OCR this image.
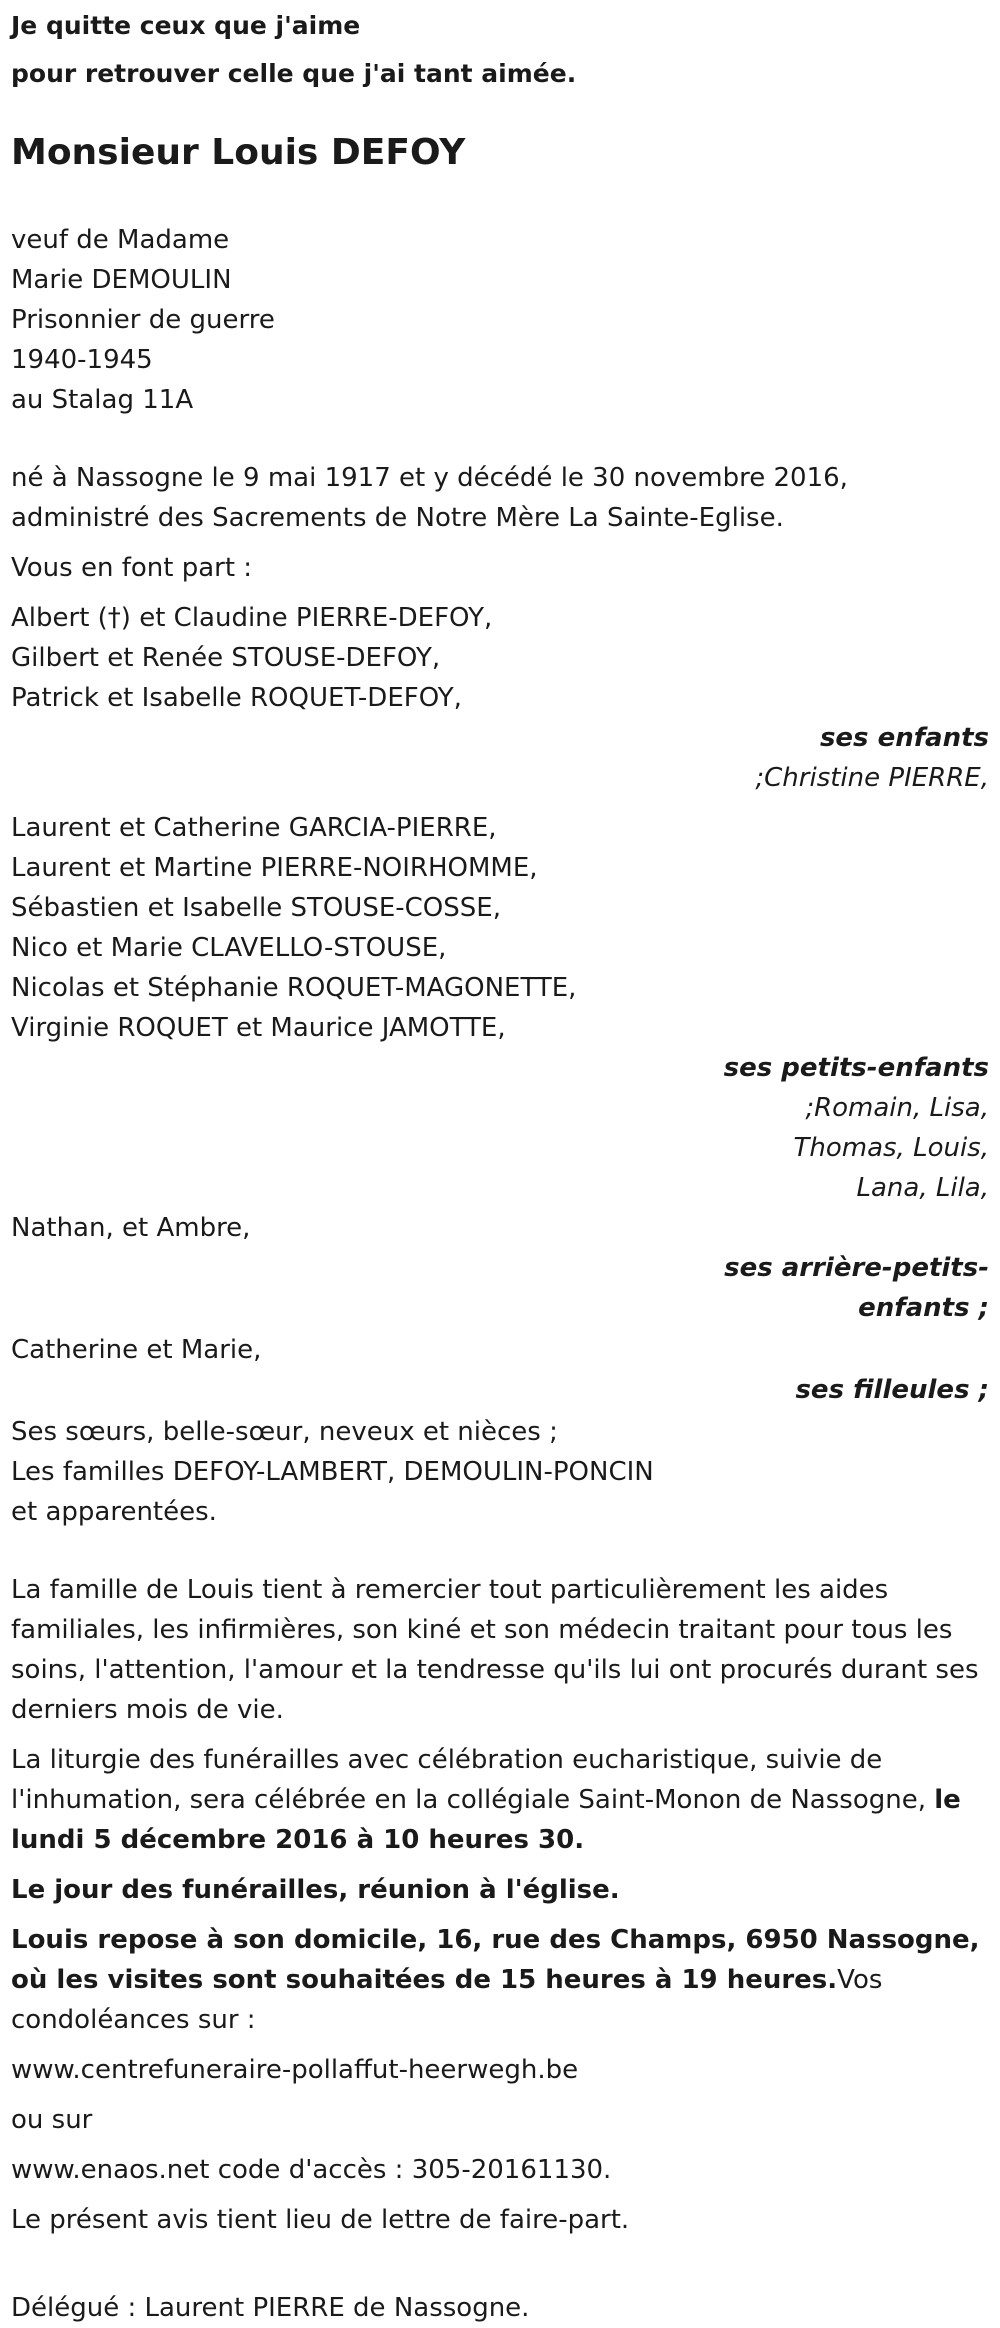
Je quitte ceux que j'aime
pour retrouver celle que j'ai tant aimée.
Monsieur Louis DEFOY
veuf de Madame
Marie DEMOULIN
Prisonnier de guerre
1940-1945
au Stalag 11A
né à Nassogne le 9 mai 1917 et y décédé le 30 novembre 2016, administré des Sacrements de Notre Mère La Sainte-Eglise.
Vous en font part :
Albert (†) et Claudine PIERRE-DEFOY,
Gilbert et Renée STOUSE-DEFOY,
Patrick et Isabelle ROQUET-DEFOY,
ses enfants
;Christine PIERRE,
Laurent et Catherine GARCIA-PIERRE,
Laurent et Martine PIERRE-NOIRHOMME,
Sébastien et Isabelle STOUSE-COSSE,
Nico et Marie CLAVELLO-STOUSE,
Nicolas et Stéphanie ROQUET-MAGONETTE,
Virginie ROQUET et Maurice JAMOTTE,
ses petits-enfants
;Romain, Lisa,
Thomas, Louis,
Lana, Lila,
Nathan, et Ambre,
ses arrière-petits-
enfants ;
Catherine et Marie,
ses filleules ;
Ses sœurs, belle-sœur, neveux et nièces ;
Les familles DEFOY-LAMBERT, DEMOULIN-PONCIN
et apparentées.
La famille de Louis tient à remercier tout particulièrement les aides familiales, les infirmières, son kiné et son médecin traitant pour tous les soins, l'attention, l'amour et la tendresse qu'ils lui ont procurés durant ses derniers mois de vie.
La liturgie des funérailles avec célébration eucharistique, suivie de l'inhumation, sera célébrée en la collégiale Saint-Monon de Nassogne, le lundi 5 décembre 2016 à 10 heures 30.
Le jour des funérailles, réunion à l'église.
Louis repose à son domicile, 16, rue des Champs, 6950 Nassogne, où les visites sont souhaitées de 15 heures à 19 heures.Vos condoléances sur :
www.centrefuneraire-pollaffut-heerwegh.be
ou sur
www.enaos.net code d'accès : 305-20161130.
Le présent avis tient lieu de lettre de faire-part.
Délégué : Laurent PIERRE de Nassogne.
